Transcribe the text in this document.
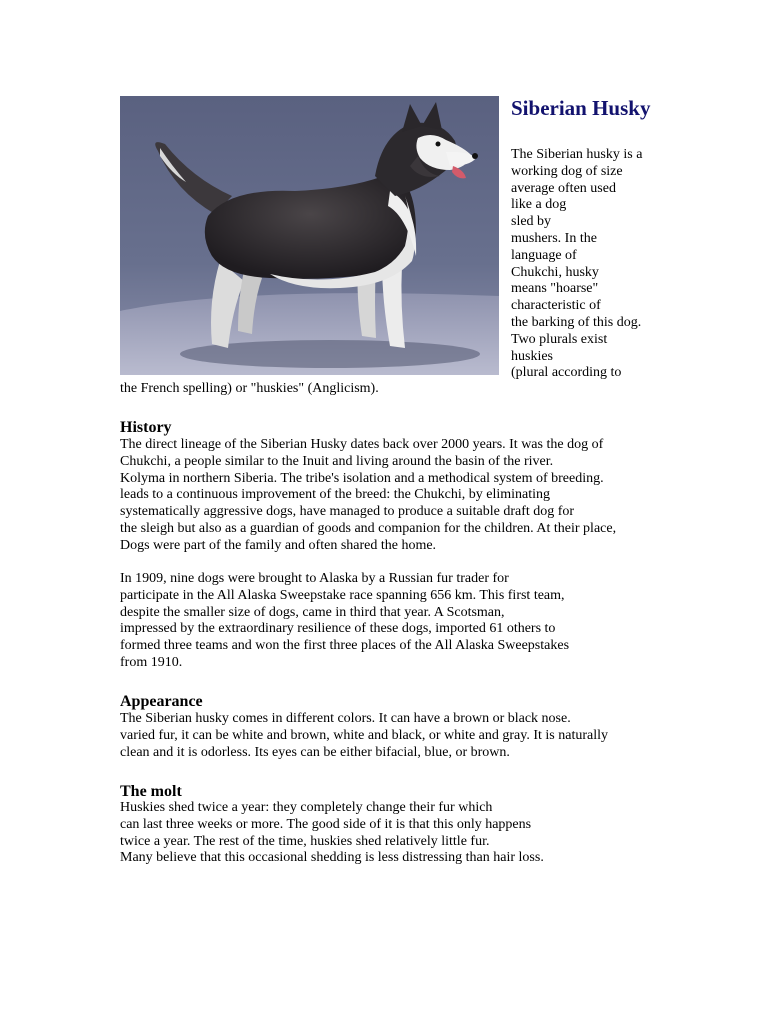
Siberian Husky

The Siberian husky is a
working dog of size
average often used
like a dog
sled by
mushers. In the
language of
Chukchi, husky
means "hoarse"
characteristic of
the barking of this dog.
Two plurals exist
huskies
(plural according to

the French spelling) or "huskies" (Anglicism).

History

The direct lineage of the Siberian Husky dates back over 2000 years. It was the dog of
Chukchi, a people similar to the Inuit and living around the basin of the river.
Kolyma in northern Siberia. The tribe's isolation and a methodical system of breeding.
leads to a continuous improvement of the breed: the Chukchi, by eliminating
systematically aggressive dogs, have managed to produce a suitable draft dog for
the sleigh but also as a guardian of goods and companion for the children. At their place,
Dogs were part of the family and often shared the home.

In 1909, nine dogs were brought to Alaska by a Russian fur trader for
participate in the All Alaska Sweepstake race spanning 656 km. This first team,
despite the smaller size of dogs, came in third that year. A Scotsman,
impressed by the extraordinary resilience of these dogs, imported 61 others to
formed three teams and won the first three places of the All Alaska Sweepstakes
from 1910.

Appearance

The Siberian husky comes in different colors. It can have a brown or black nose.
varied fur, it can be white and brown, white and black, or white and gray. It is naturally
clean and it is odorless. Its eyes can be either bifacial, blue, or brown.

The molt

Huskies shed twice a year: they completely change their fur which
can last three weeks or more. The good side of it is that this only happens
twice a year. The rest of the time, huskies shed relatively little fur.
Many believe that this occasional shedding is less distressing than hair loss.
